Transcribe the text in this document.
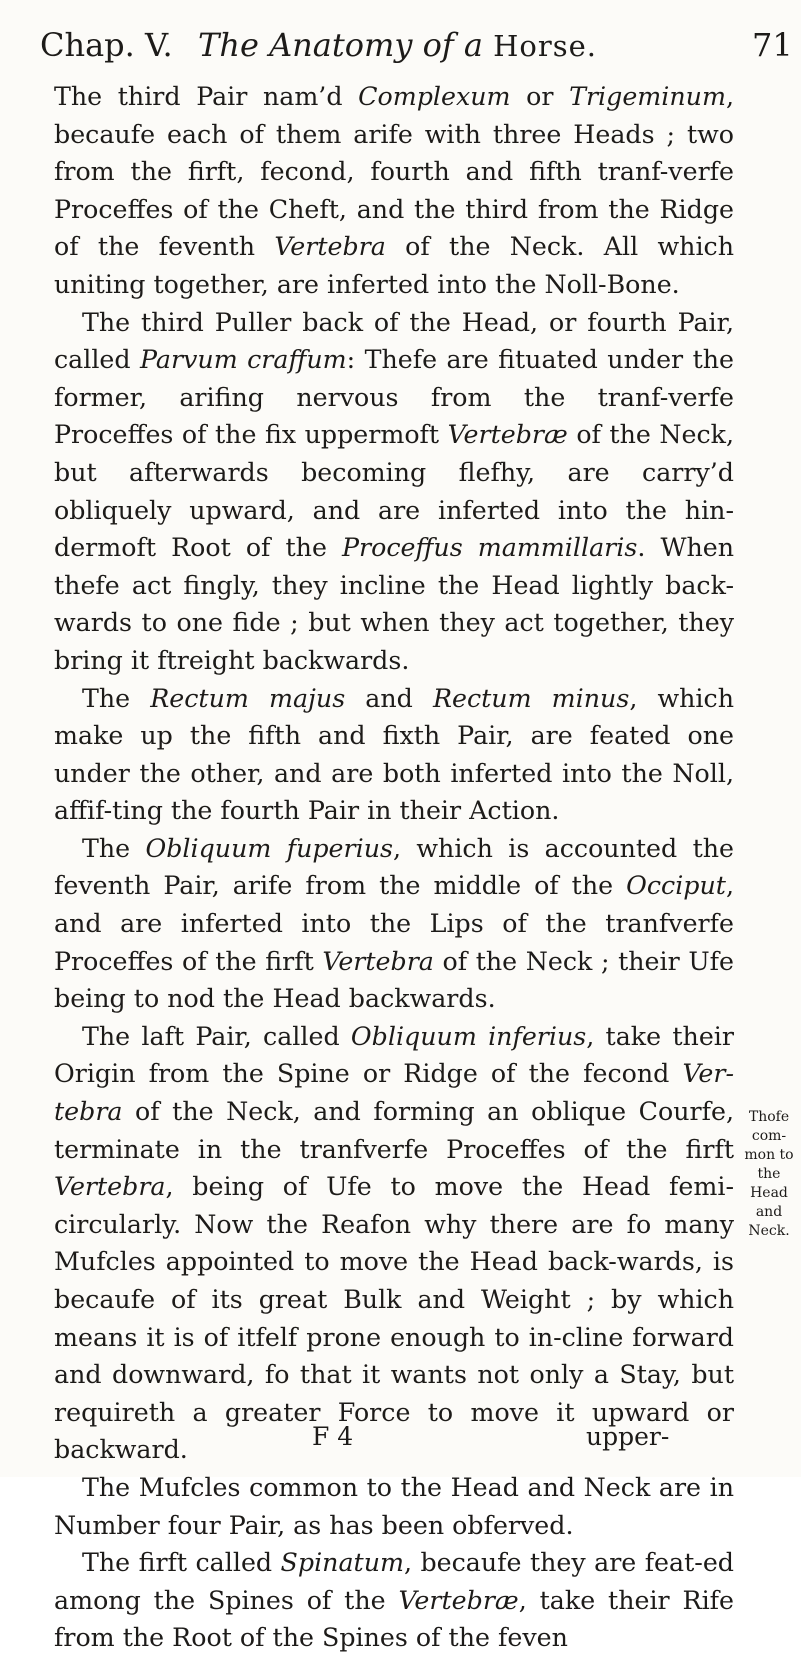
Chap. V. The Anatomy of a Horse.	71

The third Pair nam’d Complexum or Trigeminum, becaufe each of them arife with three Heads ; two from the firft, fecond, fourth and fifth tranf-verfe Proceffes of the Cheft, and the third from the Ridge of the feventh Vertebra of the Neck. All which uniting together, are inferted into the Noll-Bone.

The third Puller back of the Head, or fourth Pair, called Parvum craffum: Thefe are fituated under the former, arifing nervous from the tranf-verfe Proceffes of the fix uppermoft Vertebræ of the Neck, but afterwards becoming flefhy, are carry’d obliquely upward, and are inferted into the hin-dermoft Root of the Proceffus mammillaris. When thefe act fingly, they incline the Head lightly back-wards to one fide ; but when they act together, they bring it ftreight backwards.

The Rectum majus and Rectum minus, which make up the fifth and fixth Pair, are feated one under the other, and are both inferted into the Noll, affif-ting the fourth Pair in their Action.

The Obliquum fuperius, which is accounted the feventh Pair, arife from the middle of the Occiput, and are inferted into the Lips of the tranfverfe Proceffes of the firft Vertebra of the Neck ; their Ufe being to nod the Head backwards.

The laft Pair, called Obliquum inferius, take their Origin from the Spine or Ridge of the fecond Ver-tebra of the Neck, and forming an oblique Courfe, terminate in the tranfverfe Proceffes of the firft Vertebra, being of Ufe to move the Head femi-circularly. Now the Reafon why there are fo many Mufcles appointed to move the Head back-wards, is becaufe of its great Bulk and Weight ; by which means it is of itfelf prone enough to in-cline forward and downward, fo that it wants not only a Stay, but requireth a greater Force to move it upward or backward.

The Mufcles common to the Head and Neck are in Number four Pair, as has been obferved.

The firft called Spinatum, becaufe they are feat-ed among the Spines of the Vertebræ, take their Rife from the Root of the Spines of the feven

Thofe com-
mon to the
Head and
Neck.
F 4	upper-
